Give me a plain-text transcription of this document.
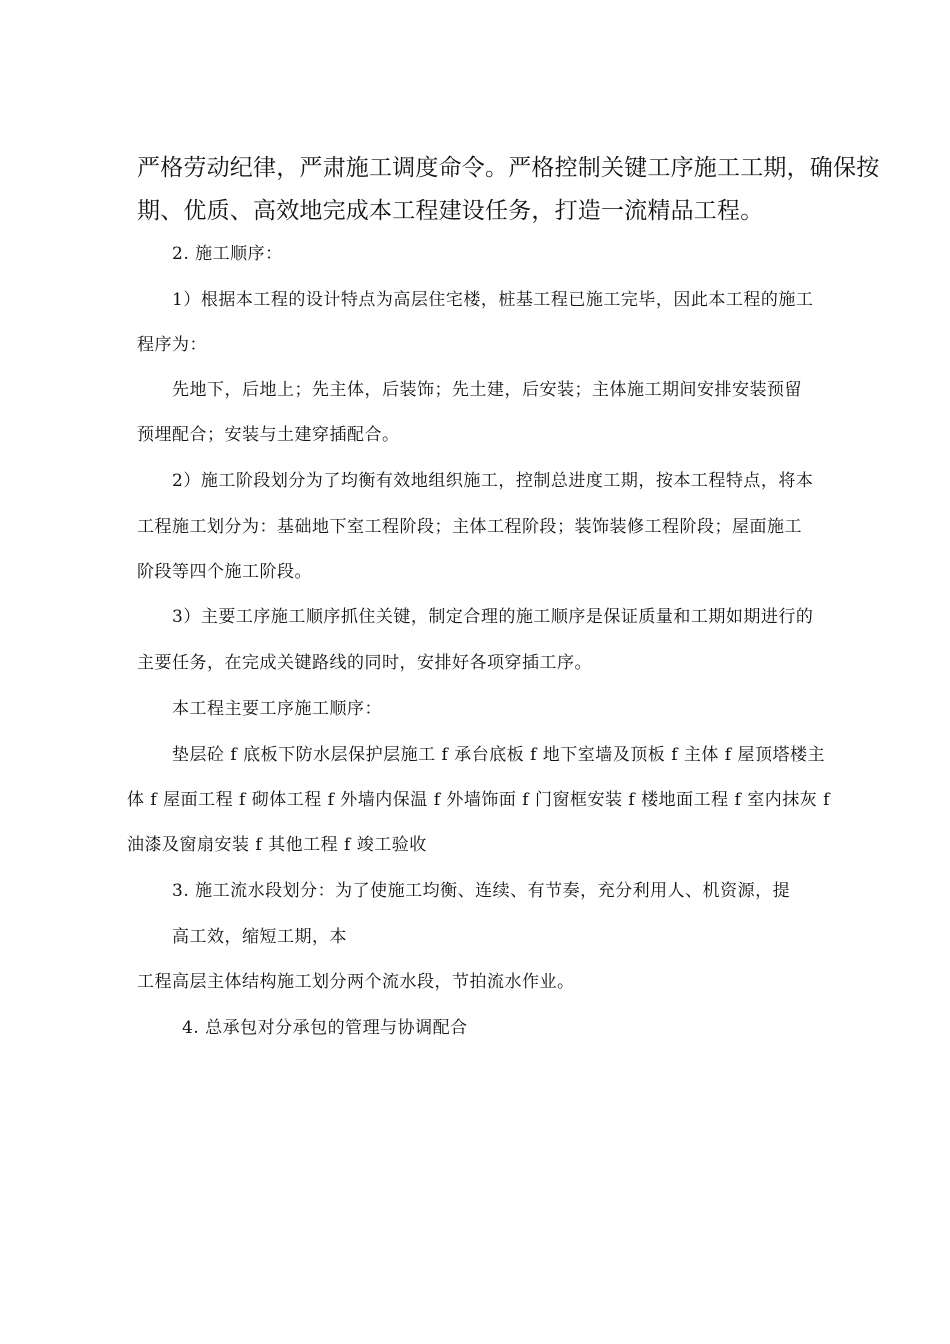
严格劳动纪律，严肃施工调度命令。严格控制关键工序施工工期，确保按
期、优质、高效地完成本工程建设任务，打造一流精品工程。
2. 施工顺序：
1）根据本工程的设计特点为高层住宅楼，桩基工程已施工完毕，因此本工程的施工
程序为：
先地下，后地上；先主体，后装饰；先土建，后安装；主体施工期间安排安装预留
预埋配合；安装与土建穿插配合。
2）施工阶段划分为了均衡有效地组织施工，控制总进度工期，按本工程特点，将本
工程施工划分为：基础地下室工程阶段；主体工程阶段；装饰装修工程阶段；屋面施工
阶段等四个施工阶段。
3）主要工序施工顺序抓住关键，制定合理的施工顺序是保证质量和工期如期进行的
主要任务，在完成关键路线的同时，安排好各项穿插工序。
本工程主要工序施工顺序：
垫层砼 f 底板下防水层保护层施工 f 承台底板 f 地下室墙及顶板 f 主体 f 屋顶塔楼主
体 f 屋面工程 f 砌体工程 f 外墙内保温 f 外墙饰面 f 门窗框安装 f 楼地面工程 f 室内抹灰 f
油漆及窗扇安装 f 其他工程 f 竣工验收
3. 施工流水段划分：为了使施工均衡、连续、有节奏，充分利用人、机资源，提
高工效，缩短工期，本
工程高层主体结构施工划分两个流水段，节拍流水作业。
4. 总承包对分承包的管理与协调配合
